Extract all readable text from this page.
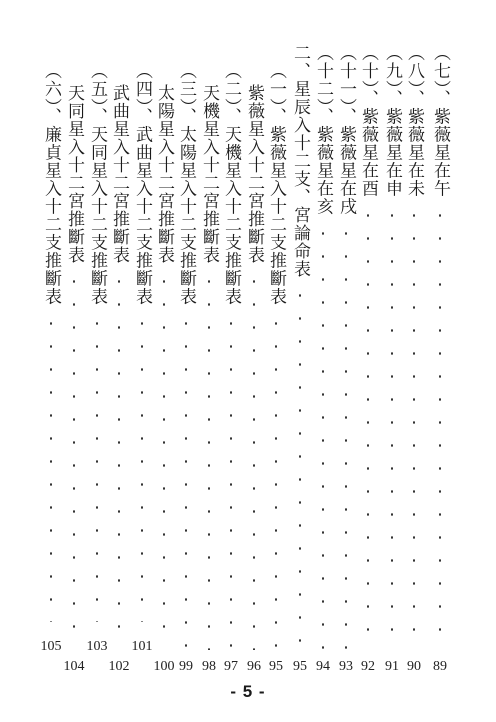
（七）、紫薇星在午
（八）、紫薇星在未
（九）、紫薇星在申
（十）、紫薇星在酉
（十一）、紫薇星在戌
（十二）、紫薇星在亥
二、星辰入十二支、宮論命表
（一）、紫薇星入十二支推斷表
紫薇星入十二宮推斷表
（二）、天機星入十二支推斷表
天機星入十二宮推斷表
（三）、太陽星入十二支推斷表
太陽星入十二宮推斷表
（四）、武曲星入十二支推斷表
武曲星入十二宮推斷表
（五）、天同星入十二支推斷表
天同星入十二宮推斷表
（六）、廉貞星入十二支推斷表
89
90
91
92
93
94
95
95
96
97
98
99
100
101
102
103
104
105
- 5 -
